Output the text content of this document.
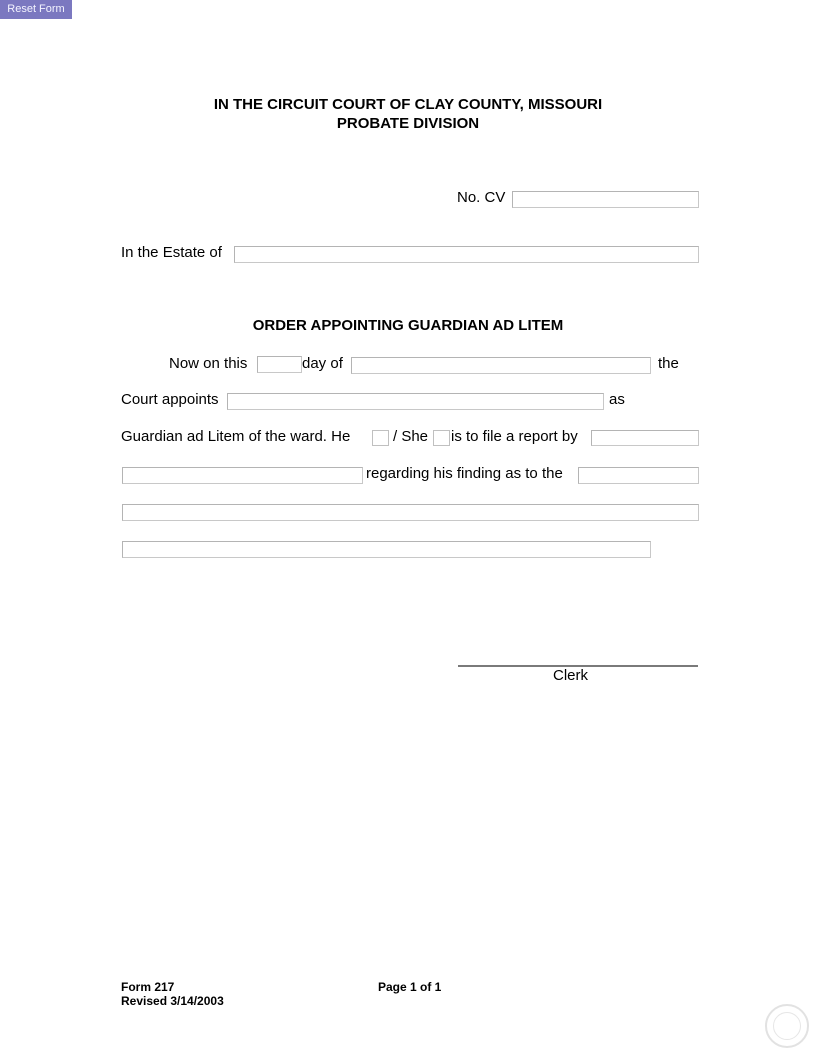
Reset Form
IN THE CIRCUIT COURT OF CLAY COUNTY, MISSOURI
PROBATE DIVISION
No. CV
In the Estate of
ORDER APPOINTING GUARDIAN AD LITEM
Now on this	day of	the
Court appoints	as
Guardian ad Litem of the ward. He	/ She is to file a report by
regarding his finding as to the
Clerk
Form 217
Revised 3/14/2003
Page 1 of 1
